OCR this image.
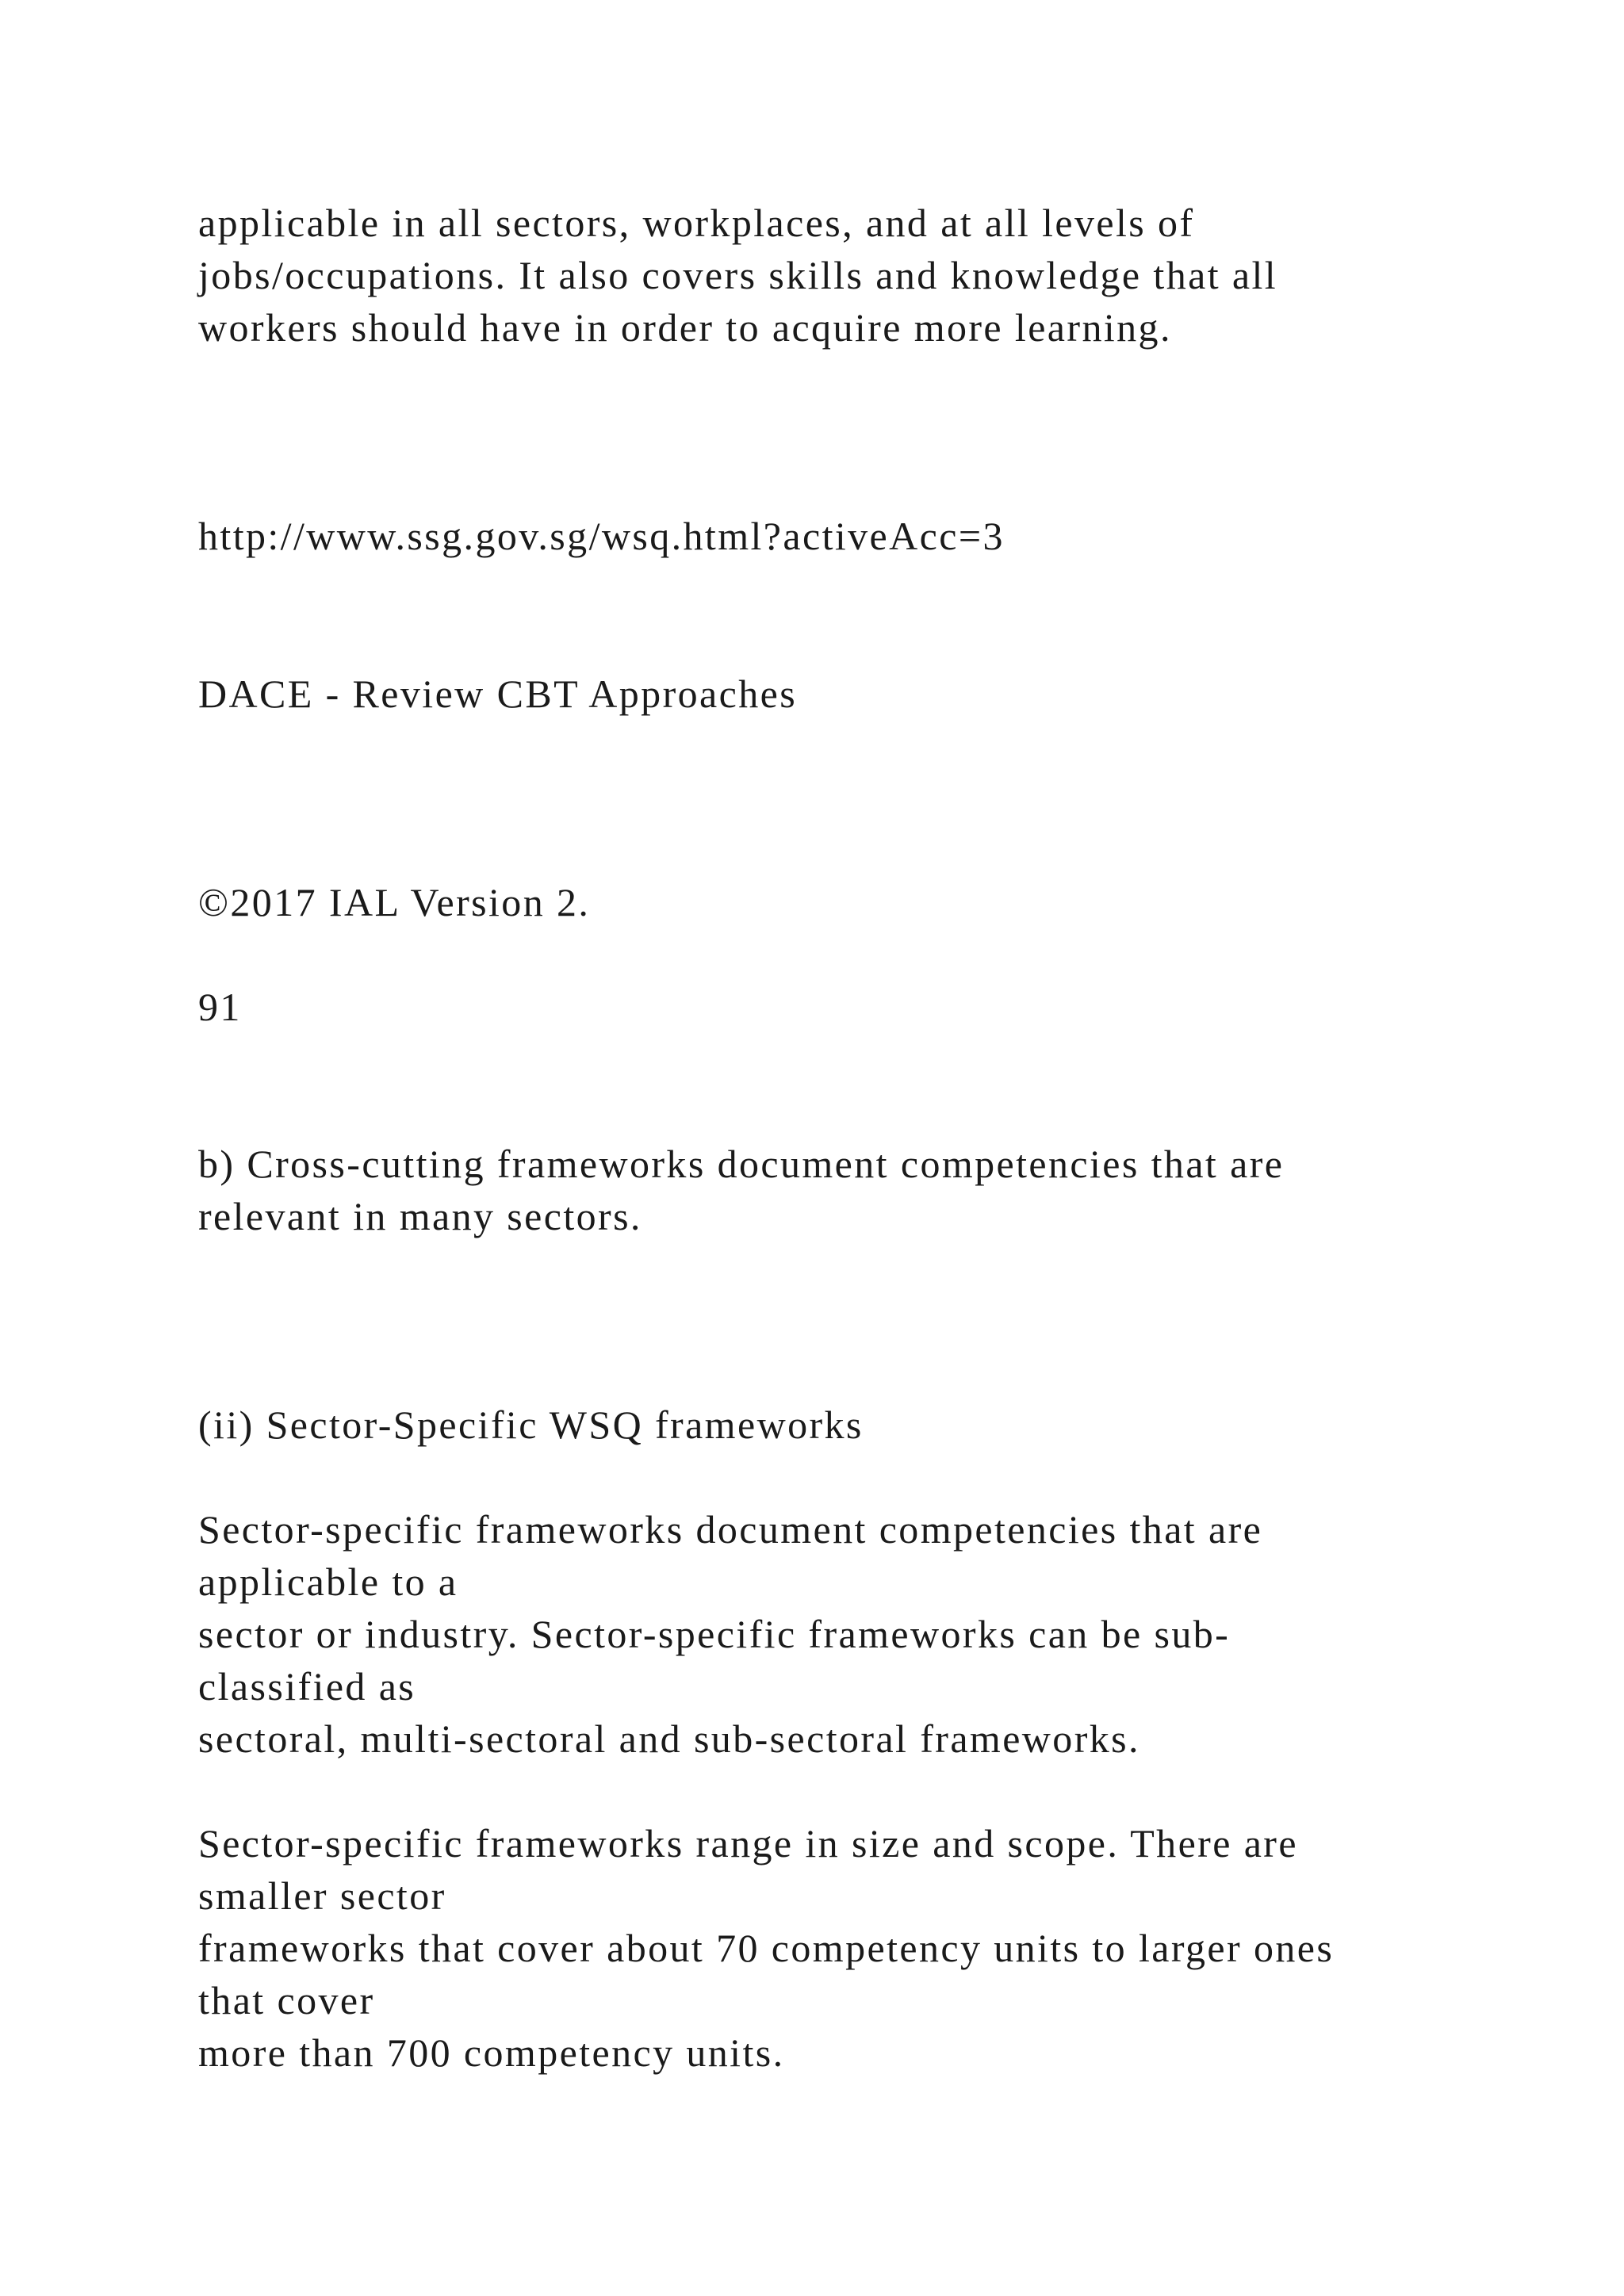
applicable in all sectors, workplaces, and at all levels of

jobs/occupations. It also covers skills and knowledge that all

workers should have in order to acquire more learning.

http://www.ssg.gov.sg/wsq.html?activeAcc=3

DACE - Review CBT Approaches

©2017 IAL Version 2.

91

b) Cross-cutting frameworks document competencies that are

relevant in many sectors.

(ii) Sector-Specific WSQ frameworks

Sector-specific frameworks document competencies that are

applicable to a

sector or industry. Sector-specific frameworks can be sub-

classified as

sectoral, multi-sectoral and sub-sectoral frameworks.

Sector-specific frameworks range in size and scope. There are

smaller sector

frameworks that cover about 70 competency units to larger ones

that cover

more than 700 competency units.
